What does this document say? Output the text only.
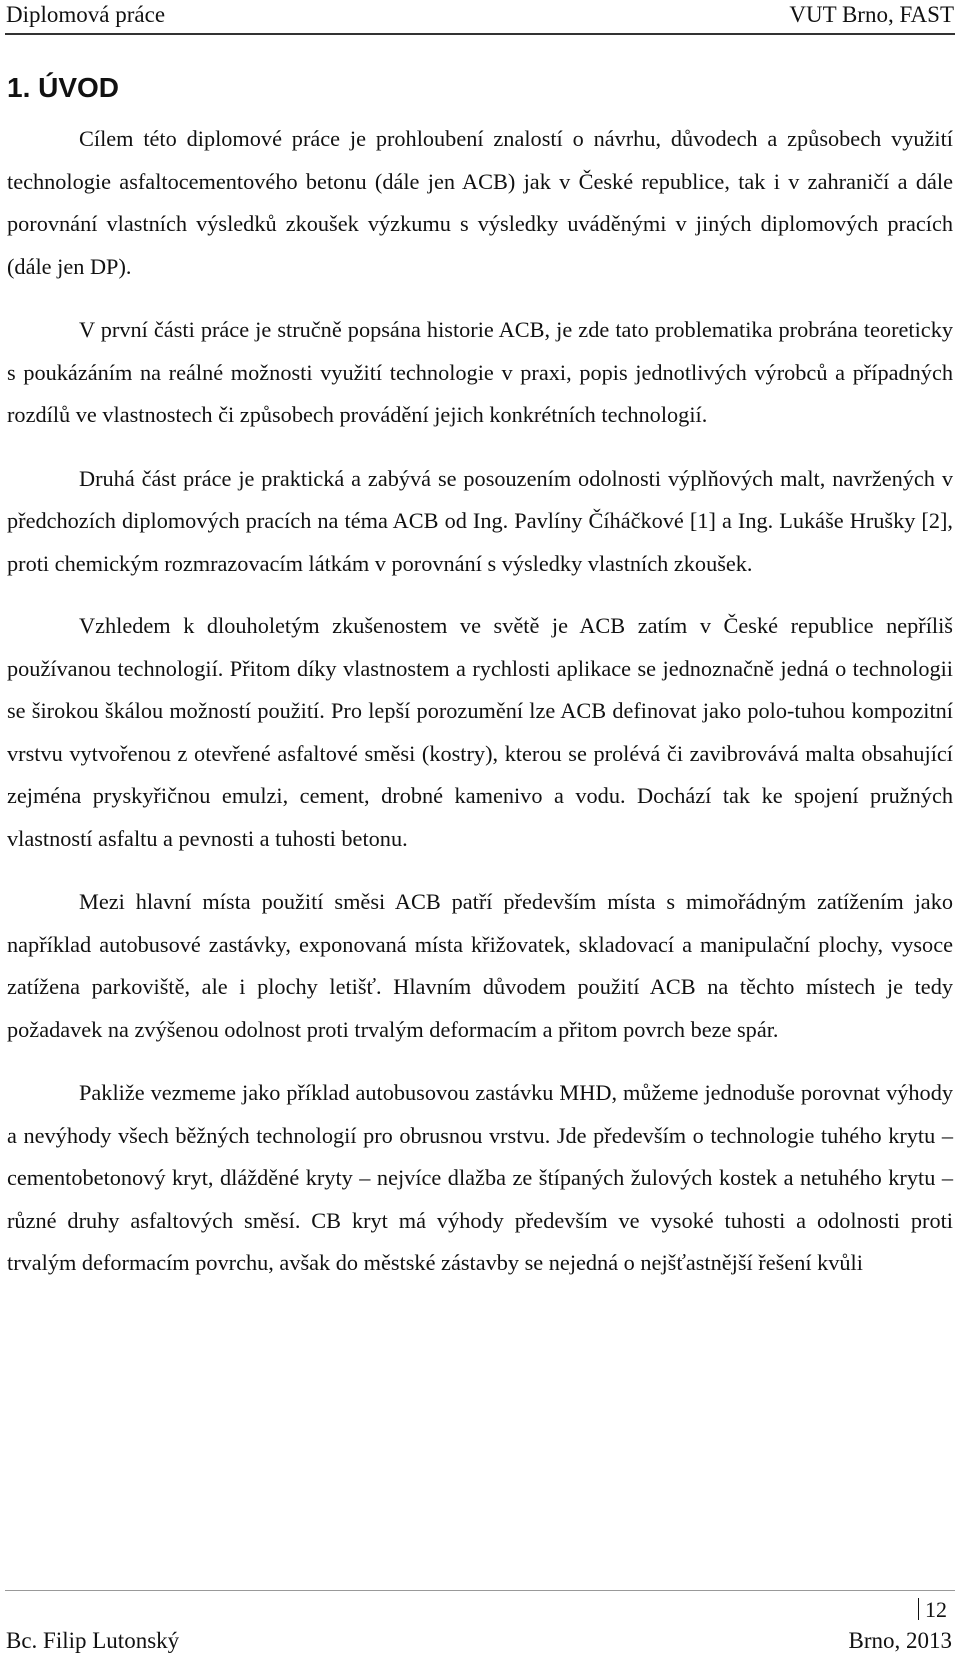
Diplomová práce	VUT Brno, FAST
1. ÚVOD

Cílem této diplomové práce je prohloubení znalostí o návrhu, důvodech a způsobech využití technologie asfaltocementového betonu (dále jen ACB) jak v České republice, tak i v zahraničí a dále porovnání vlastních výsledků zkoušek výzkumu s výsledky uváděnými v jiných diplomových pracích (dále jen DP).

V první části práce je stručně popsána historie ACB, je zde tato problematika probrána teoreticky s poukázáním na reálné možnosti využití technologie v praxi, popis jednotlivých výrobců a případných rozdílů ve vlastnostech či způsobech provádění jejich konkrétních technologií.

Druhá část práce je praktická a zabývá se posouzením odolnosti výplňových malt, navržených v předchozích diplomových pracích na téma ACB od Ing. Pavlíny Číháčkové [1] a Ing. Lukáše Hrušky [2], proti chemickým rozmrazovacím látkám v porovnání s výsledky vlastních zkoušek.

Vzhledem k dlouholetým zkušenostem ve světě je ACB zatím v České republice nepříliš používanou technologií. Přitom díky vlastnostem a rychlosti aplikace se jednoznačně jedná o technologii se širokou škálou možností použití. Pro lepší porozumění lze ACB definovat jako polo-tuhou kompozitní vrstvu vytvořenou z otevřené asfaltové směsi (kostry), kterou se prolévá či zavibrovává malta obsahující zejména pryskyřičnou emulzi, cement, drobné kamenivo a vodu. Dochází tak ke spojení pružných vlastností asfaltu a pevnosti a tuhosti betonu.

Mezi hlavní místa použití směsi ACB patří především místa s mimořádným zatížením jako například autobusové zastávky, exponovaná místa křižovatek, skladovací a manipulační plochy, vysoce zatížena parkoviště, ale i plochy letišť. Hlavním důvodem použití ACB na těchto místech je tedy požadavek na zvýšenou odolnost proti trvalým deformacím a přitom povrch beze spár.

Pakliže vezmeme jako příklad autobusovou zastávku MHD, můžeme jednoduše porovnat výhody a nevýhody všech běžných technologií pro obrusnou vrstvu. Jde především o technologie tuhého krytu – cementobetonový kryt, dlážděné kryty – nejvíce dlažba ze štípaných žulových kostek a netuhého krytu – různé druhy asfaltových směsí. CB kryt má výhody především ve vysoké tuhosti a odolnosti proti trvalým deformacím povrchu, avšak do městské zástavby se nejedná o nejšťastnější řešení kvůli

12
Bc. Filip Lutonský	Brno, 2013
